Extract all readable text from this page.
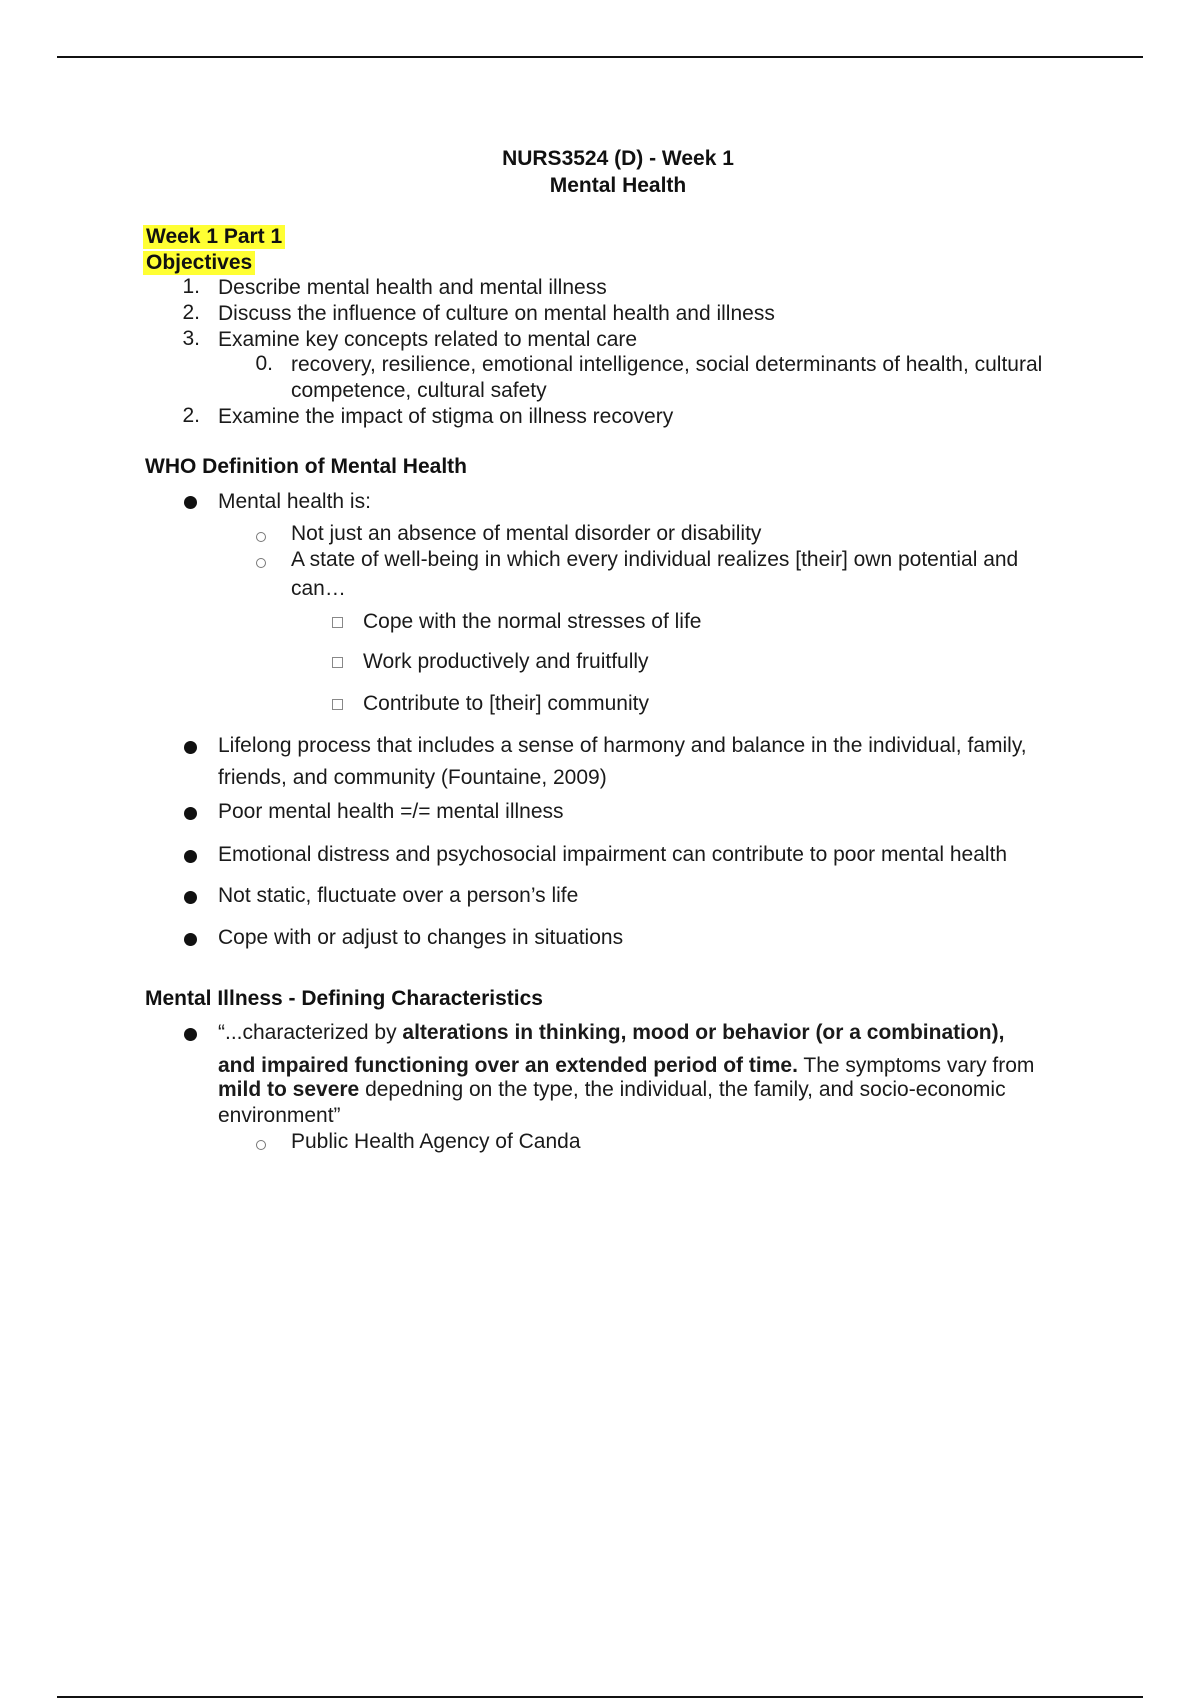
NURS3524 (D) - Week 1
Mental Health
Week 1 Part 1
Objectives
1. Describe mental health and mental illness
2. Discuss the influence of culture on mental health and illness
3. Examine key concepts related to mental care
0. recovery, resilience, emotional intelligence, social determinants of health, cultural
competence, cultural safety
2. Examine the impact of stigma on illness recovery
WHO Definition of Mental Health
Mental health is:
Not just an absence of mental disorder or disability
A state of well-being in which every individual realizes [their] own potential and
can…
Cope with the normal stresses of life
Work productively and fruitfully
Contribute to [their] community
Lifelong process that includes a sense of harmony and balance in the individual, family,
friends, and community (Fountaine, 2009)
Poor mental health =/= mental illness
Emotional distress and psychosocial impairment can contribute to poor mental health
Not static, fluctuate over a person’s life
Cope with or adjust to changes in situations
Mental Illness - Defining Characteristics
“...characterized by alterations in thinking, mood or behavior (or a combination),
and impaired functioning over an extended period of time. The symptoms vary from
mild to severe depedning on the type, the individual, the family, and socio-economic
environment”
Public Health Agency of Canda
